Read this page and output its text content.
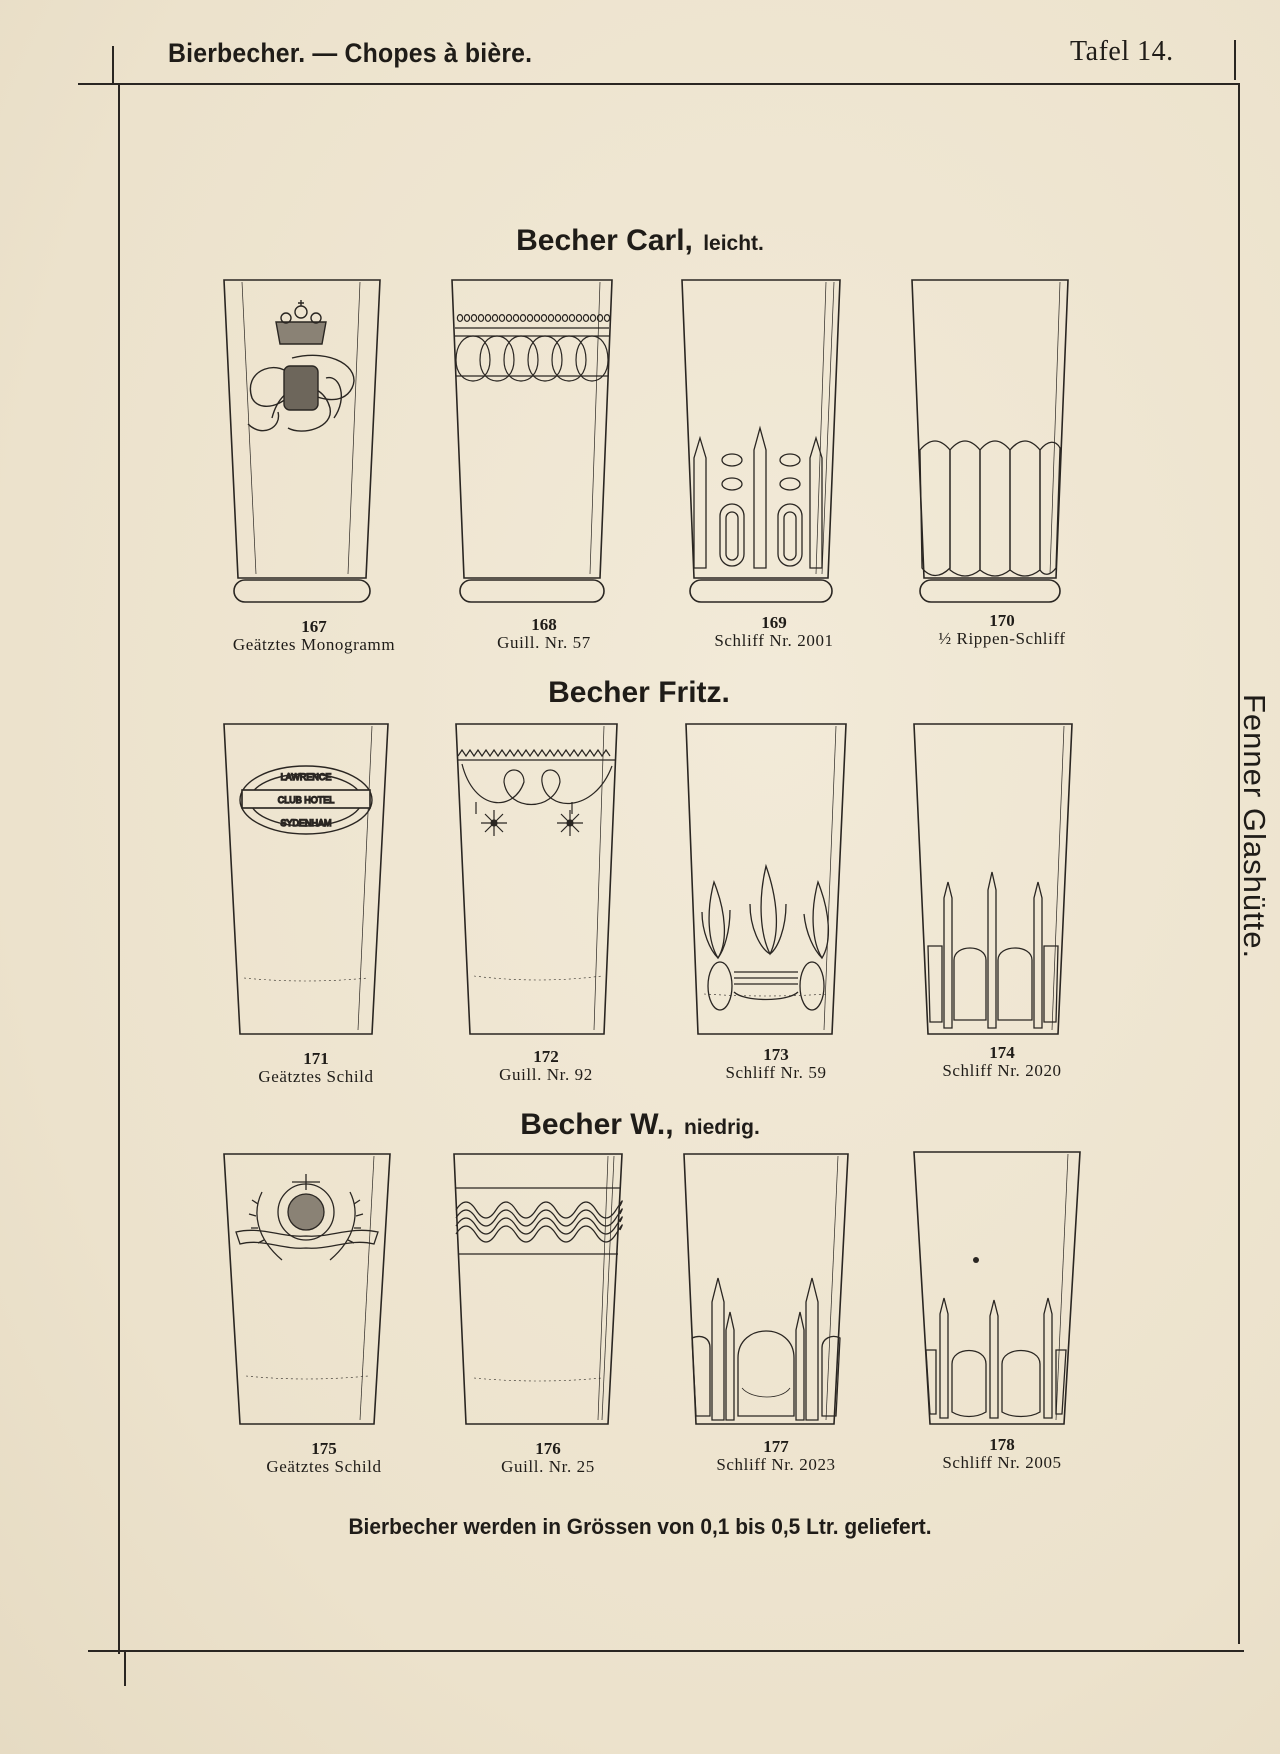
Bierbecher. — Chopes à bière.	Tafel 14.
Fenner Glashütte.
Becher Carl, leicht.
Becher Fritz.
Becher W., niedrig.
167
Geätztes Monogramm
168
Guill. Nr. 57
169
Schliff Nr. 2001
170
½ Rippen-Schliff
LAWRENCE
CLUB HOTEL
SYDENHAM
171
Geätztes Schild
172
Guill. Nr. 92
173
Schliff Nr. 59
174
Schliff Nr. 2020
175
Geätztes Schild
176
Guill. Nr. 25
177
Schliff Nr. 2023
178
Schliff Nr. 2005
Bierbecher werden in Grössen von 0,1 bis 0,5 Ltr. geliefert.
